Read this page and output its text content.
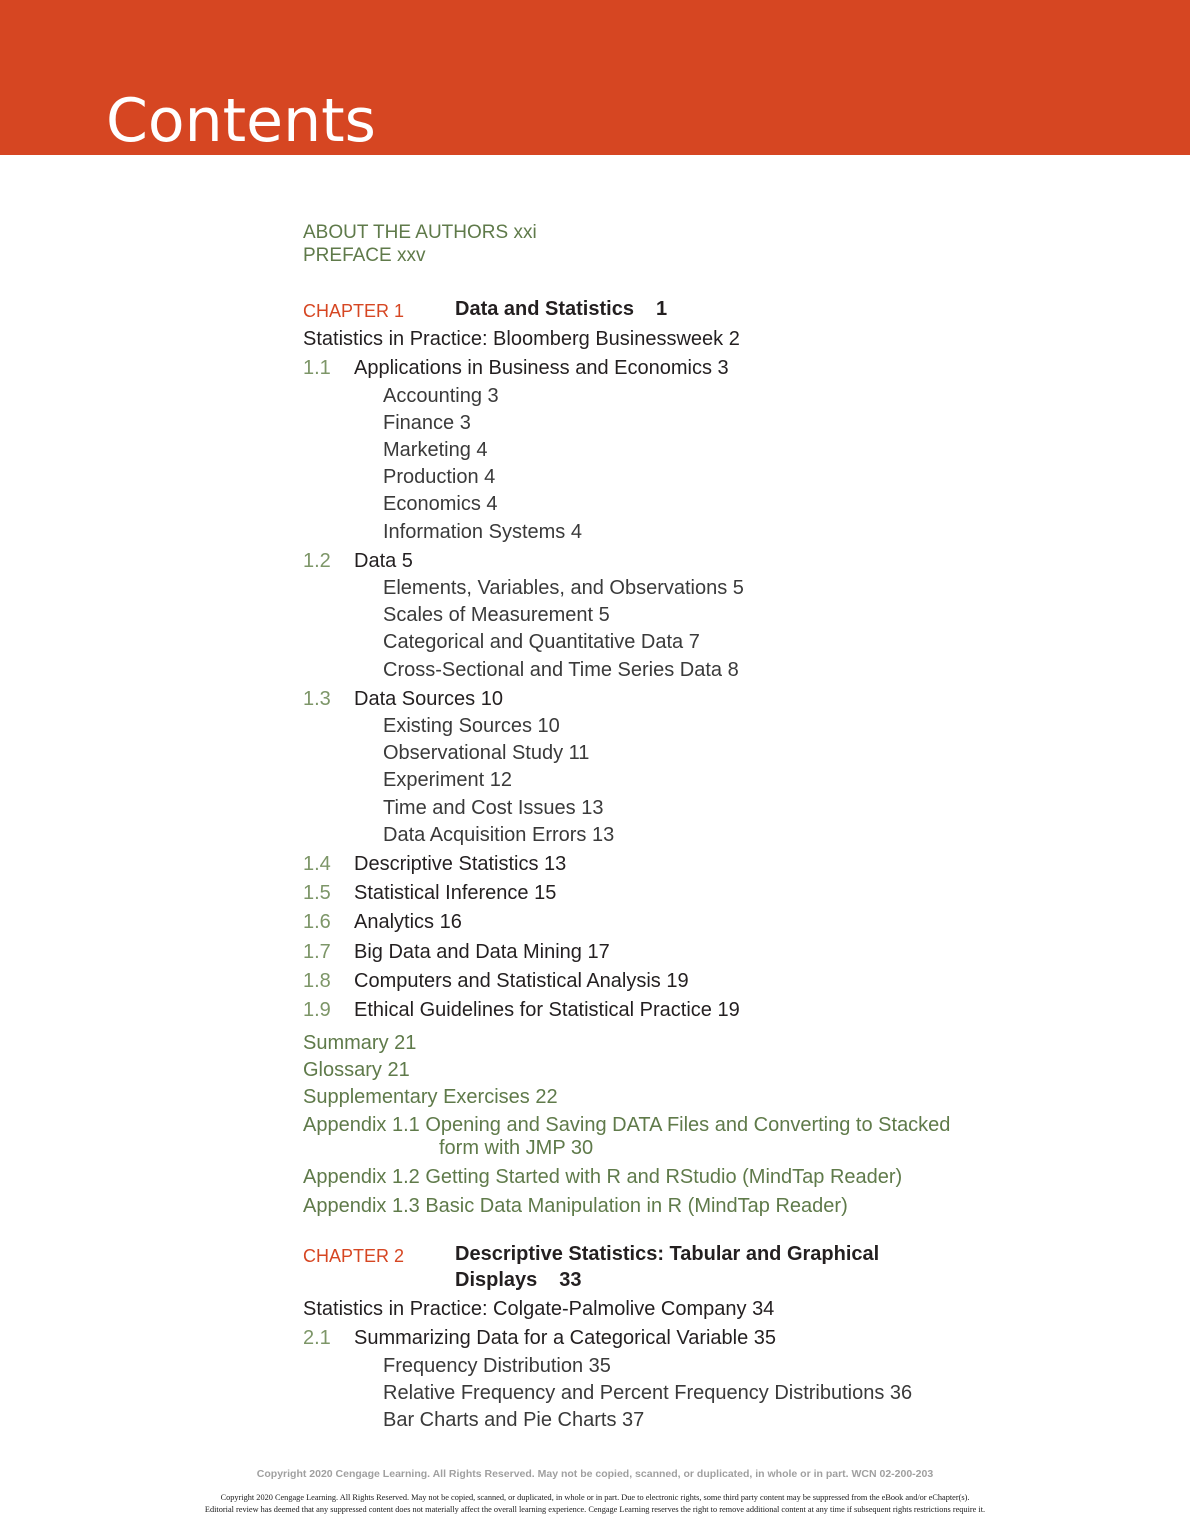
Contents
ABOUT THE AUTHORS xxi
PREFACE xxv
CHAPTER 1	Data and Statistics 1
Statistics in Practice: Bloomberg Businessweek 2
1.1 Applications in Business and Economics 3
Accounting 3
Finance 3
Marketing 4
Production 4
Economics 4
Information Systems 4
1.2 Data 5
Elements, Variables, and Observations 5
Scales of Measurement 5
Categorical and Quantitative Data 7
Cross-Sectional and Time Series Data 8
1.3 Data Sources 10
Existing Sources 10
Observational Study 11
Experiment 12
Time and Cost Issues 13
Data Acquisition Errors 13
1.4 Descriptive Statistics 13
1.5 Statistical Inference 15
1.6 Analytics 16
1.7 Big Data and Data Mining 17
1.8 Computers and Statistical Analysis 19
1.9 Ethical Guidelines for Statistical Practice 19
Summary 21
Glossary 21
Supplementary Exercises 22
Appendix 1.1 Opening and Saving DATA Files and Converting to Stacked
form with JMP 30
Appendix 1.2 Getting Started with R and RStudio (MindTap Reader)
Appendix 1.3 Basic Data Manipulation in R (MindTap Reader)
CHAPTER 2	Descriptive Statistics: Tabular and Graphical
Displays 33
Statistics in Practice: Colgate-Palmolive Company 34
2.1 Summarizing Data for a Categorical Variable 35
Frequency Distribution 35
Relative Frequency and Percent Frequency Distributions 36
Bar Charts and Pie Charts 37
Copyright 2020 Cengage Learning. All Rights Reserved. May not be copied, scanned, or duplicated, in whole or in part. WCN 02-200-203
Copyright 2020 Cengage Learning. All Rights Reserved. May not be copied, scanned, or duplicated, in whole or in part. Due to electronic rights, some third party content may be suppressed from the eBook and/or eChapter(s).
Editorial review has deemed that any suppressed content does not materially affect the overall learning experience. Cengage Learning reserves the right to remove additional content at any time if subsequent rights restrictions require it.
